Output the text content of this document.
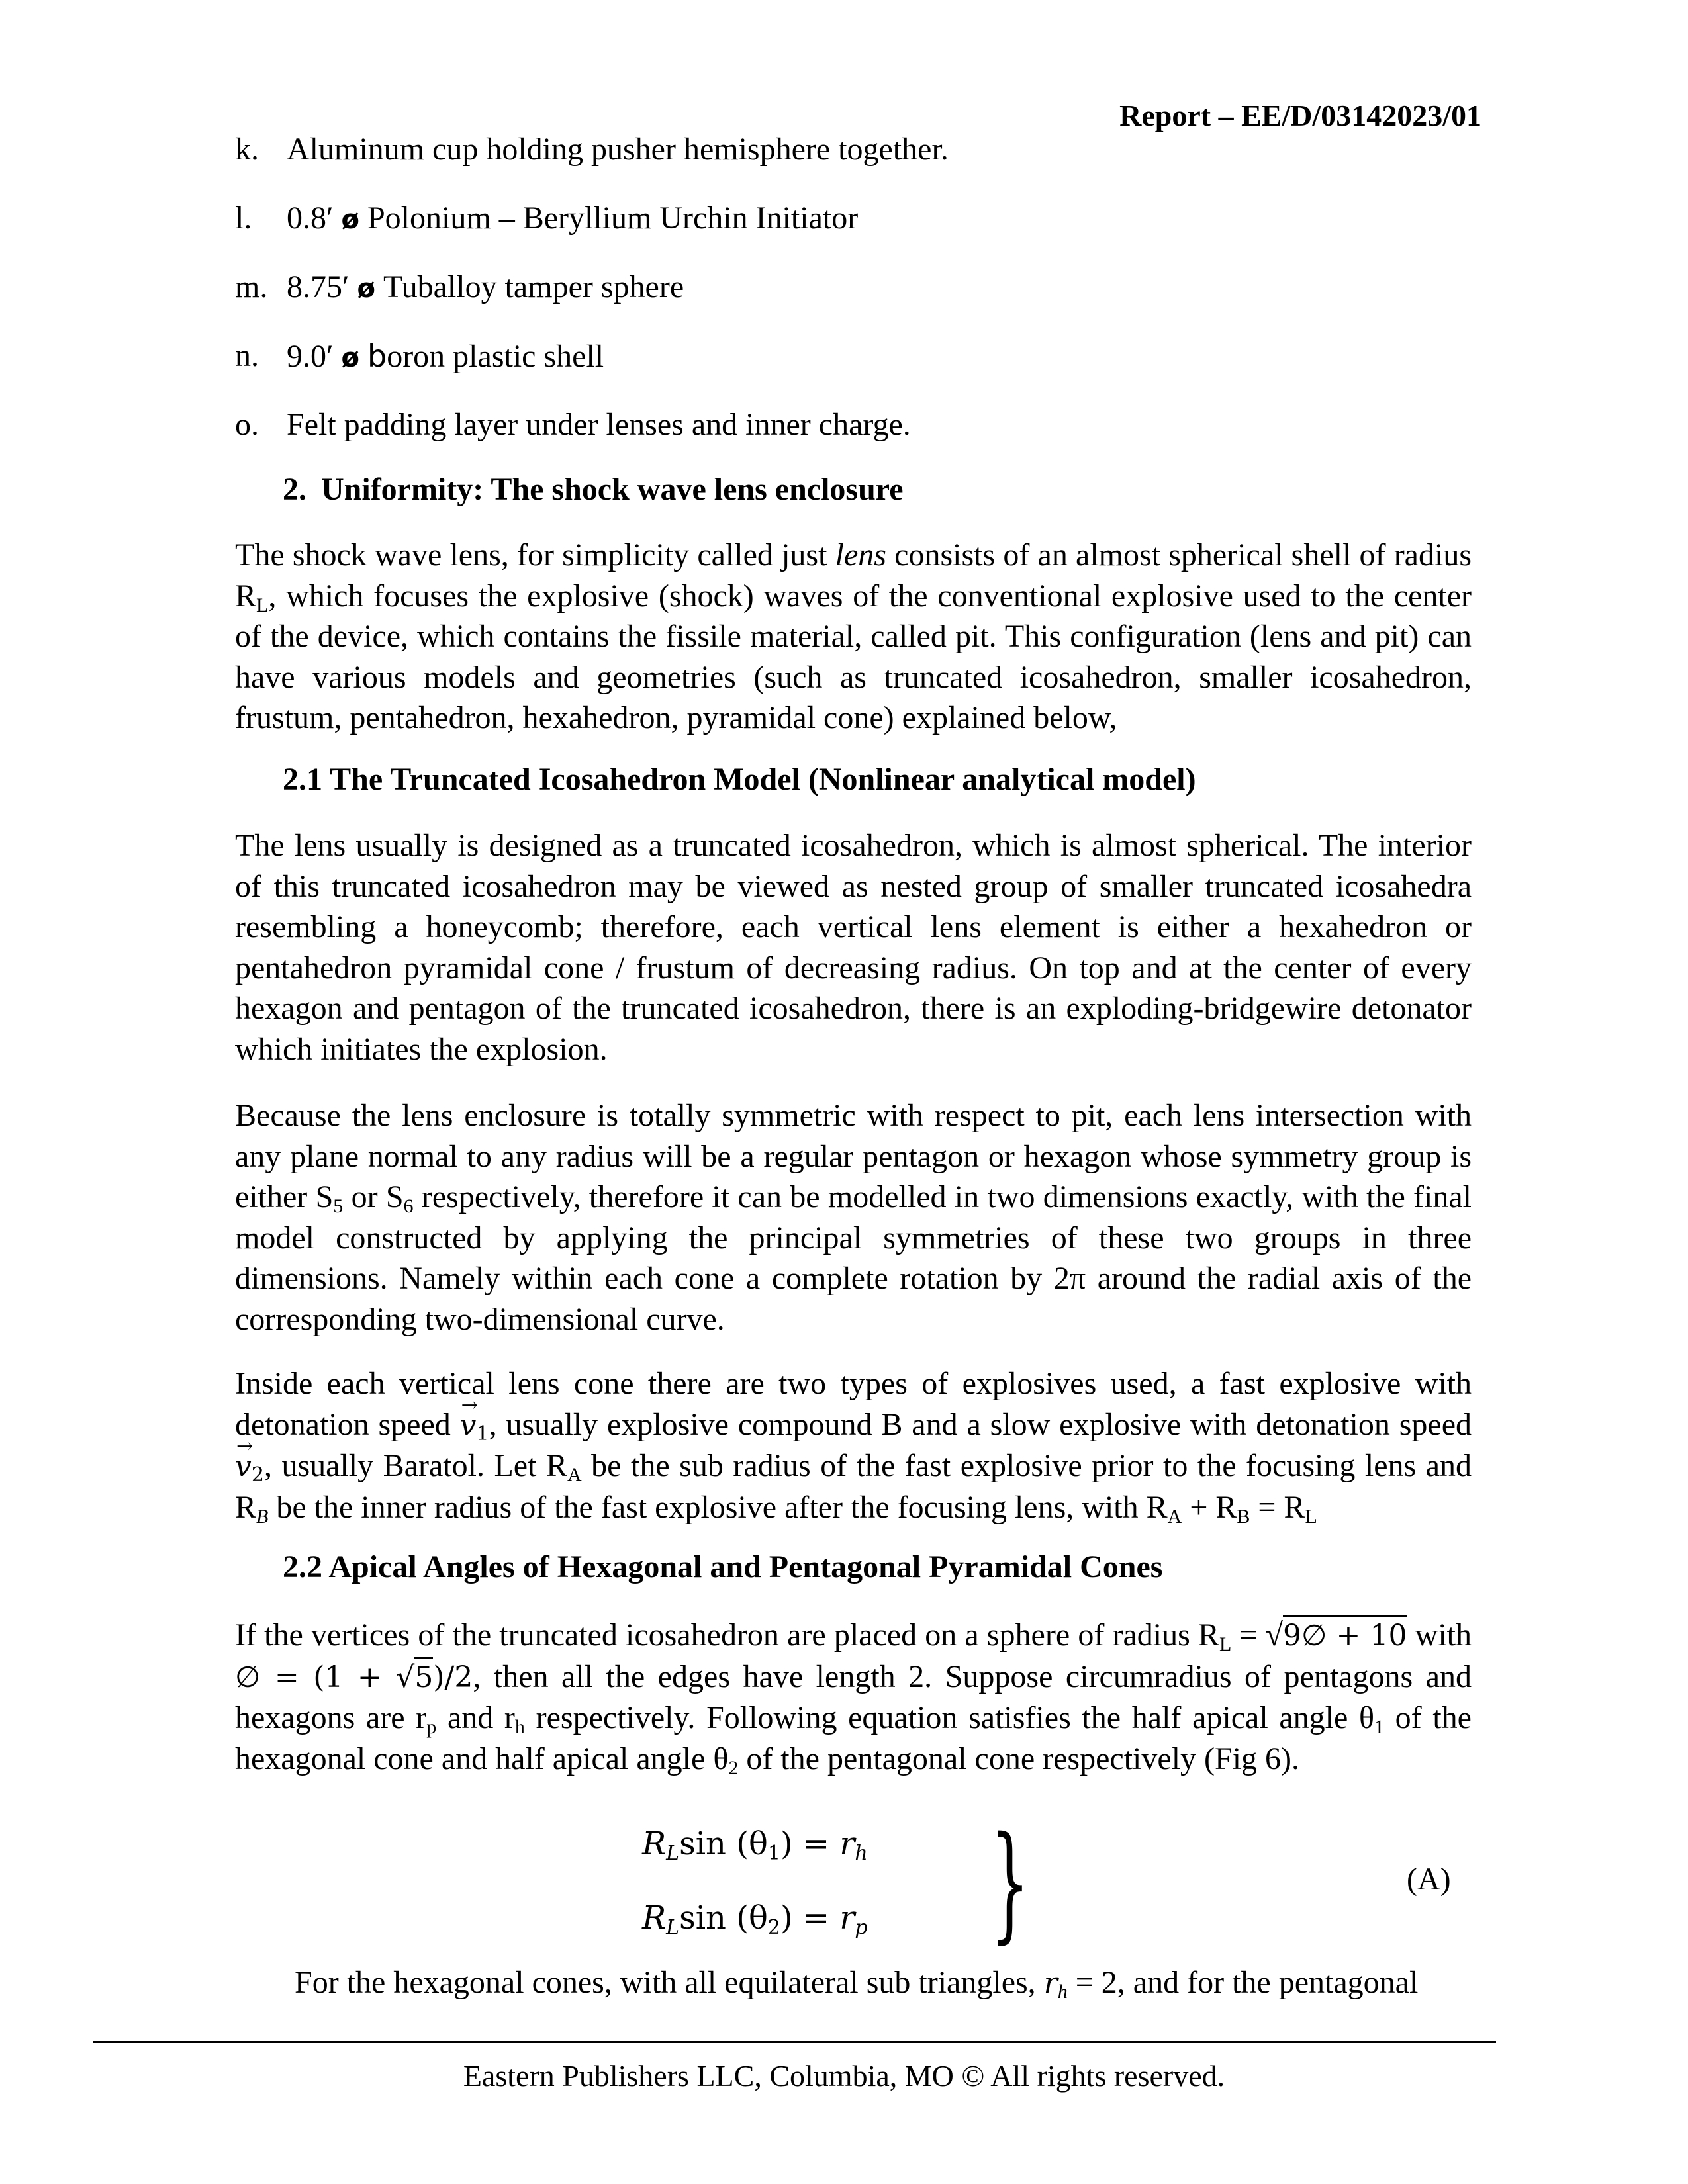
Report – EE/D/03142023/01
k. Aluminum cup holding pusher hemisphere together.
l.	0.8′ ø Polonium – Beryllium Urchin Initiator
m. 8.75′ ø Tuballoy tamper sphere
n. 9.0′ ø boron plastic shell
o. Felt padding layer under lenses and inner charge.
2. Uniformity: The shock wave lens enclosure

The shock wave lens, for simplicity called just lens consists of an almost spherical shell of radius $R_L$, which focuses the explosive (shock) waves of the conventional explosive used to the center of the device, which contains the fissile material, called pit. This configuration (lens and pit) can have various models and geometries (such as truncated icosahedron, smaller icosahedron, frustum, pentahedron, hexahedron, pyramidal cone) explained below,

2.1 The Truncated Icosahedron Model (Nonlinear analytical model)

The lens usually is designed as a truncated icosahedron, which is almost spherical. The interior of this truncated icosahedron may be viewed as nested group of smaller truncated icosahedra resembling a honeycomb; therefore, each vertical lens element is either a hexahedron or pentahedron pyramidal cone / frustum of decreasing radius. On top and at the center of every hexagon and pentagon of the truncated icosahedron, there is an exploding-bridgewire detonator which initiates the explosion.

Because the lens enclosure is totally symmetric with respect to pit, each lens intersection with any plane normal to any radius will be a regular pentagon or hexagon whose symmetry group is either $S_5$ or $S_6$ respectively, therefore it can be modelled in two dimensions exactly, with the final model constructed by applying the principal symmetries of these two groups in three dimensions. Namely within each cone a complete rotation by 2π around the radial axis of the corresponding two-dimensional curve.

Inside each vertical lens cone there are two types of explosives used, a fast explosive with detonation speed → $v_1$, usually explosive compound B and a slow explosive with detonation speed → $v_2$, usually Baratol. Let $R_A$ be the sub radius of the fast explosive prior to the focusing lens and $R_B$ be the inner radius of the fast explosive after the focusing lens, with $R_A + R_B = R_L$

2.2 Apical Angles of Hexagonal and Pentagonal Pyramidal Cones

If the vertices of the truncated icosahedron are placed on a sphere of radius $R_L$ = √9∅ + 10 with ∅ = (1 + √5)/2, then all the edges have length 2. Suppose circumradius of pentagons and hexagons are $r_p$ and $r_h$ respectively. Following equation satisfies the half apical angle $\theta_1$ of the hexagonal cone and half apical angle $\theta_2$ of the pentagonal cone respectively (Fig 6).

$R_L\sin$ $(\theta_1) = r_h$
$R_L\sin$ $(\theta_2) = r_p$ }	(A)
For the hexagonal cones, with all equilateral sub triangles, $r_h = 2$, and for the pentagonal
Eastern Publishers LLC, Columbia, MO © All rights reserved.
